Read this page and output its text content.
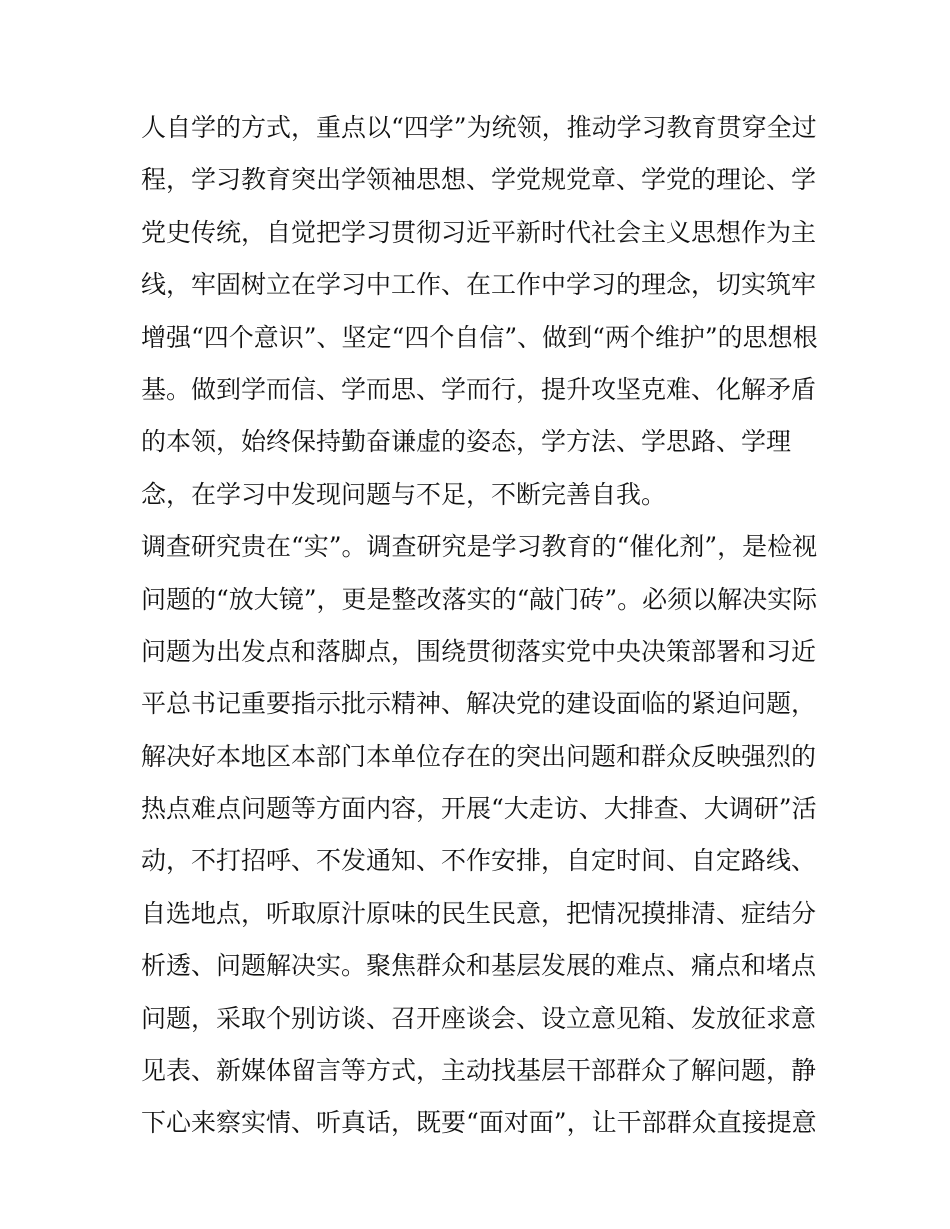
人自学的方式，重点以“四学”为统领，推动学习教育贯穿全过
程，学习教育突出学领袖思想、学党规党章、学党的理论、学
党史传统，自觉把学习贯彻习近平新时代社会主义思想作为主
线，牢固树立在学习中工作、在工作中学习的理念，切实筑牢
增强“四个意识”、坚定“四个自信”、做到“两个维护”的思想根
基。做到学而信、学而思、学而行，提升攻坚克难、化解矛盾
的本领，始终保持勤奋谦虚的姿态，学方法、学思路、学理
念，在学习中发现问题与不足，不断完善自我。
调查研究贵在“实”。调查研究是学习教育的“催化剂”，是检视
问题的“放大镜”，更是整改落实的“敲门砖”。必须以解决实际
问题为出发点和落脚点，围绕贯彻落实党中央决策部署和习近
平总书记重要指示批示精神、解决党的建设面临的紧迫问题，
解决好本地区本部门本单位存在的突出问题和群众反映强烈的
热点难点问题等方面内容，开展“大走访、大排查、大调研”活
动，不打招呼、不发通知、不作安排，自定时间、自定路线、
自选地点，听取原汁原味的民生民意，把情况摸排清、症结分
析透、问题解决实。聚焦群众和基层发展的难点、痛点和堵点
问题，采取个别访谈、召开座谈会、设立意见箱、发放征求意
见表、新媒体留言等方式，主动找基层干部群众了解问题，静
下心来察实情、听真话，既要“面对面”，让干部群众直接提意
